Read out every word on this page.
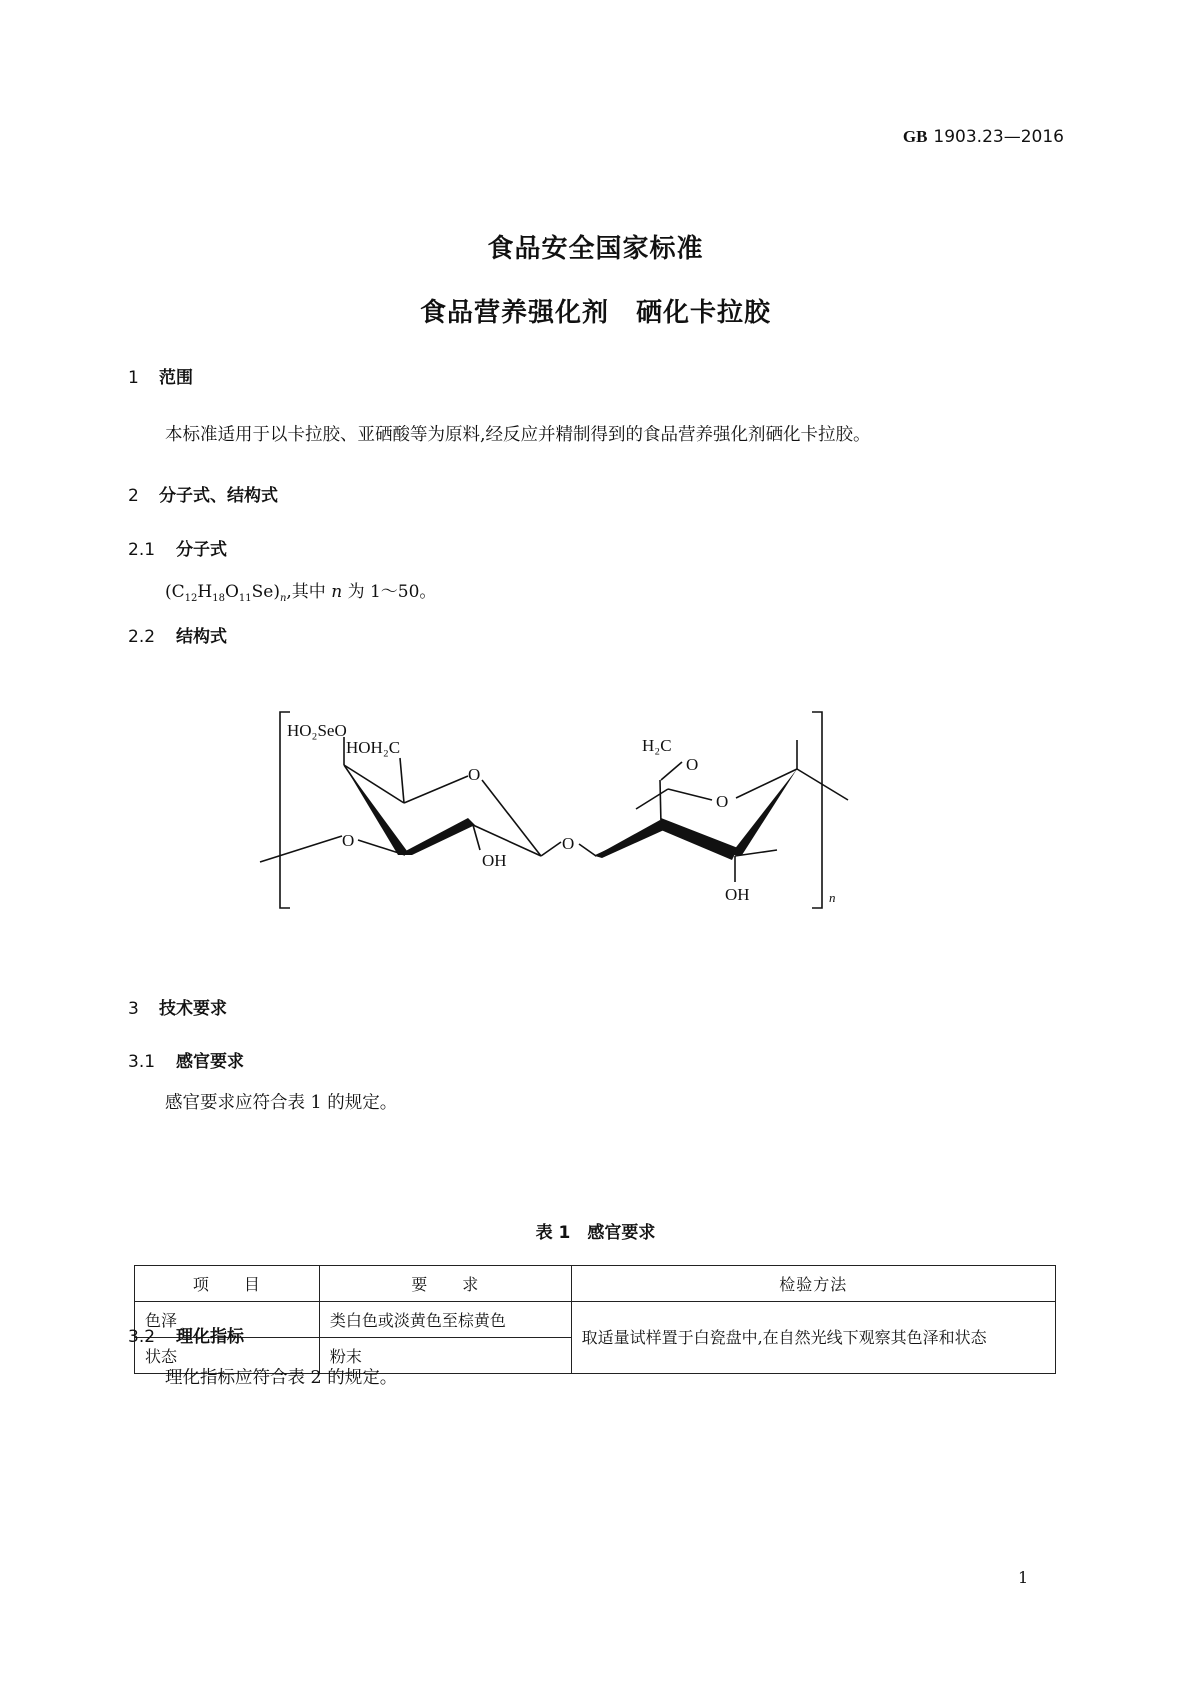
GB 1903.23—2016
食品安全国家标准
食品营养强化剂　硒化卡拉胶
1 范围
本标准适用于以卡拉胶、亚硒酸等为原料,经反应并精制得到的食品营养强化剂硒化卡拉胶。
2 分子式、结构式
2.1 分子式
$(C_{12}H_{18}O_{11}Se)_n$,其中 n 为 1～50。
2.2 结构式
HO₂SeO
HOH₂C
O
O
OH
O
H₂C
O
O
OH	n
3 技术要求
3.1 感官要求
感官要求应符合表 1 的规定。
表 1　感官要求
项　　目	要　　求	检验方法
色泽	类白色或淡黄色至棕黄色	取适量试样置于白瓷盘中,在自然光线下观察其色泽和状态
状态	粉末	
3.2 理化指标
理化指标应符合表 2 的规定。
1
